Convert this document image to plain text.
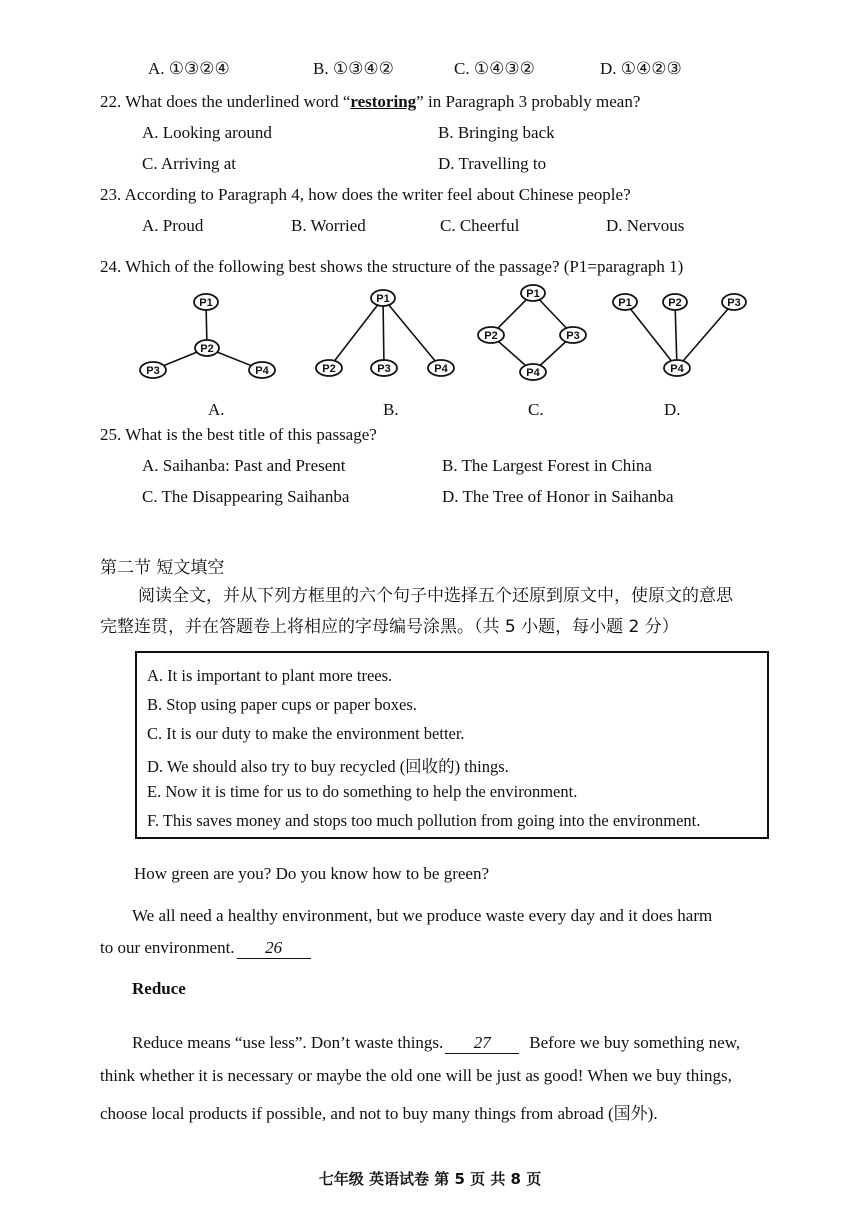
A. ①③②④	B. ①③④②	C. ①④③②	D. ①④②③
22. What does the underlined word “restoring” in Paragraph 3 probably mean?
A. Looking around	B. Bringing back
C. Arriving at	D. Travelling to
23. According to Paragraph 4, how does the writer feel about Chinese people?
A. Proud	B. Worried	C. Cheerful	D. Nervous
24. Which of the following best shows the structure of the passage? (P1=paragraph 1)
P1
P2
P3	P4
P1
P2	P3	P4
P1
P2	P3
P4
P1	P2	P3
P4
A.	B.	C.	D.
25. What is the best title of this passage?
A. Saihanba: Past and Present	B. The Largest Forest in China
C. The Disappearing Saihanba	D. The Tree of Honor in Saihanba
第二节 短文填空
阅读全文，并从下列方框里的六个句子中选择五个还原到原文中，使原文的意思
完整连贯，并在答题卷上将相应的字母编号涂黑。（共 5 小题，每小题 2 分）
A. It is important to plant more trees.
B. Stop using paper cups or paper boxes.
C. It is our duty to make the environment better.
D. We should also try to buy recycled (回收的) things.
E. Now it is time for us to do something to help the environment.
F. This saves money and stops too much pollution from going into the environment.
How green are you? Do you know how to be green?
We all need a healthy environment, but we produce waste every day and it does harm
to our environment. 26
Reduce
Reduce means “use less”. Don’t waste things. 27 Before we buy something new,
think whether it is necessary or maybe the old one will be just as good! When we buy things,
choose local products if possible, and not to buy many things from abroad (国外).
七年级 英语试卷 第 5 页 共 8 页
